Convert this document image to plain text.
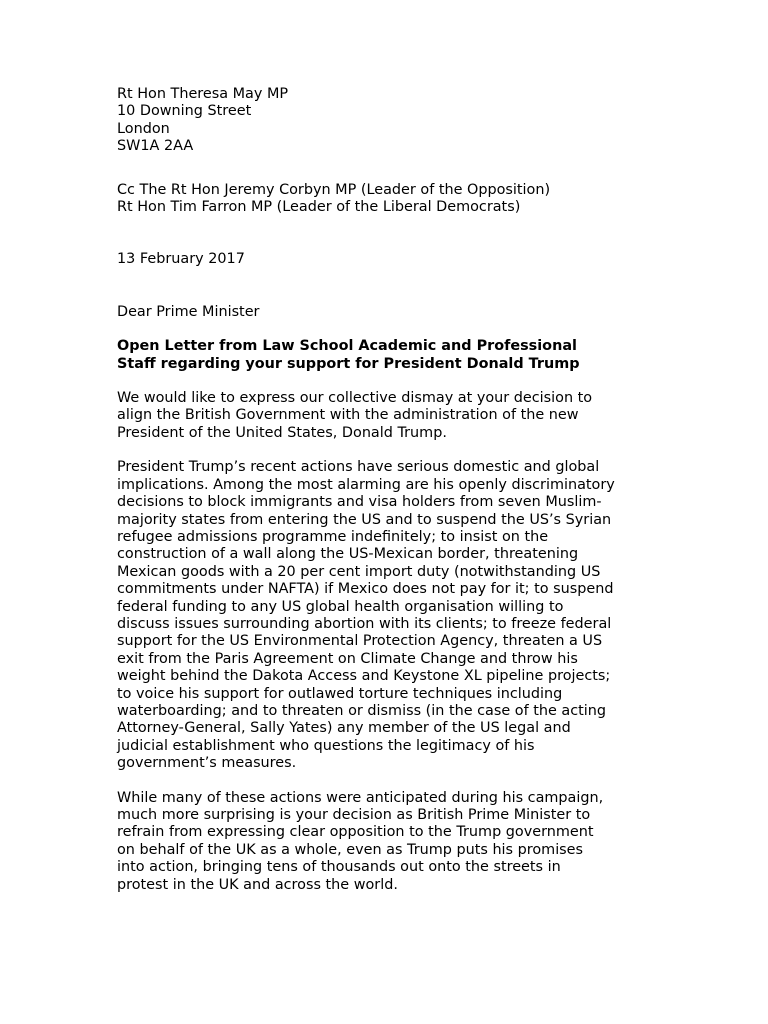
Rt Hon Theresa May MP
10 Downing Street
London
SW1A 2AA
Cc The Rt Hon Jeremy Corbyn MP (Leader of the Opposition)
Rt Hon Tim Farron MP (Leader of the Liberal Democrats)
13 February 2017
Dear Prime Minister
Open Letter from Law School Academic and Professional
Staff regarding your support for President Donald Trump
We would like to express our collective dismay at your decision to
align the British Government with the administration of the new
President of the United States, Donald Trump.
President Trump’s recent actions have serious domestic and global
implications. Among the most alarming are his openly discriminatory
decisions to block immigrants and visa holders from seven Muslim-
majority states from entering the US and to suspend the US’s Syrian
refugee admissions programme indefinitely; to insist on the
construction of a wall along the US-Mexican border, threatening
Mexican goods with a 20 per cent import duty (notwithstanding US
commitments under NAFTA) if Mexico does not pay for it; to suspend
federal funding to any US global health organisation willing to
discuss issues surrounding abortion with its clients; to freeze federal
support for the US Environmental Protection Agency, threaten a US
exit from the Paris Agreement on Climate Change and throw his
weight behind the Dakota Access and Keystone XL pipeline projects;
to voice his support for outlawed torture techniques including
waterboarding; and to threaten or dismiss (in the case of the acting
Attorney-General, Sally Yates) any member of the US legal and
judicial establishment who questions the legitimacy of his
government’s measures.
While many of these actions were anticipated during his campaign,
much more surprising is your decision as British Prime Minister to
refrain from expressing clear opposition to the Trump government
on behalf of the UK as a whole, even as Trump puts his promises
into action, bringing tens of thousands out onto the streets in
protest in the UK and across the world.
